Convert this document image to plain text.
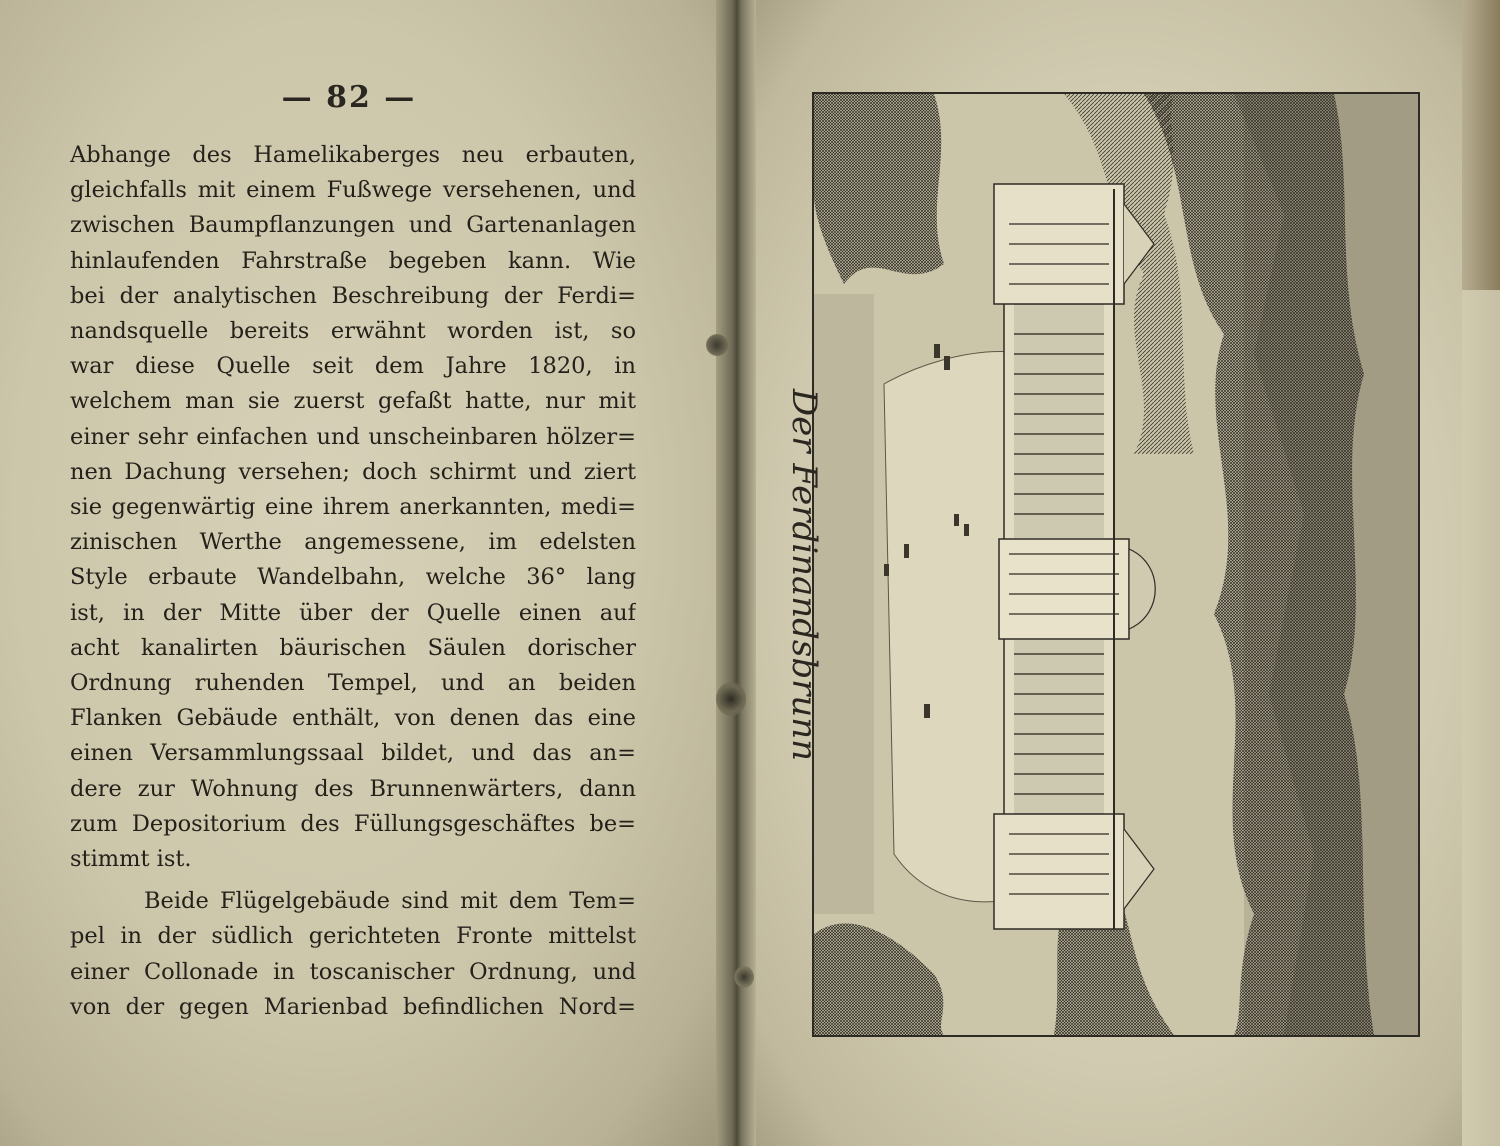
— 82 —
Abhange des Hamelikaberges neu erbauten,
gleichfalls mit einem Fußwege versehenen, und
zwischen Baumpflanzungen und Gartenanlagen
hinlaufenden Fahrstraße begeben kann. Wie
bei der analytischen Beschreibung der Ferdi=
nandsquelle bereits erwähnt worden ist, so
war diese Quelle seit dem Jahre 1820, in
welchem man sie zuerst gefaßt hatte, nur mit
einer sehr einfachen und unscheinbaren hölzer=
nen Dachung versehen; doch schirmt und ziert
sie gegenwärtig eine ihrem anerkannten, medi=
zinischen Werthe angemessene, im edelsten
Style erbaute Wandelbahn, welche 36° lang
ist, in der Mitte über der Quelle einen auf
acht kanalirten bäurischen Säulen dorischer
Ordnung ruhenden Tempel, und an beiden
Flanken Gebäude enthält, von denen das eine
einen Versammlungssaal bildet, und das an=
dere zur Wohnung des Brunnenwärters, dann
zum Depositorium des Füllungsgeschäftes be=
stimmt ist.
Beide Flügelgebäude sind mit dem Tem=
pel in der südlich gerichteten Fronte mittelst
einer Collonade in toscanischer Ordnung, und
von der gegen Marienbad befindlichen Nord=
Der Ferdinandsbrunn
